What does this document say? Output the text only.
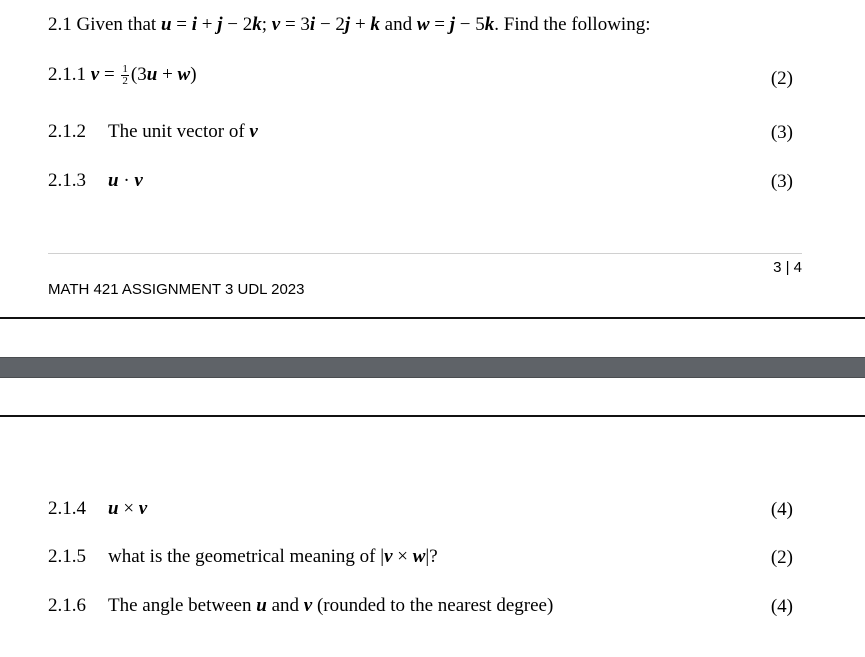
2.1 Given that u = i + j − 2k; v = 3i − 2j + k and w = j − 5k. Find the following:
2.1.1 $v = \frac{1}{2} (3u + w)$	(2)
2.1.2 The unit vector of v	(3)
2.1.3 u · v	(3)
3 | 4
MATH 421 ASSIGNMENT 3 UDL 2023
2.1.4 u × v	(4)
2.1.5 what is the geometrical meaning of |v × w|?	(2)
2.1.6 The angle between u and v (rounded to the nearest degree)	(4)
